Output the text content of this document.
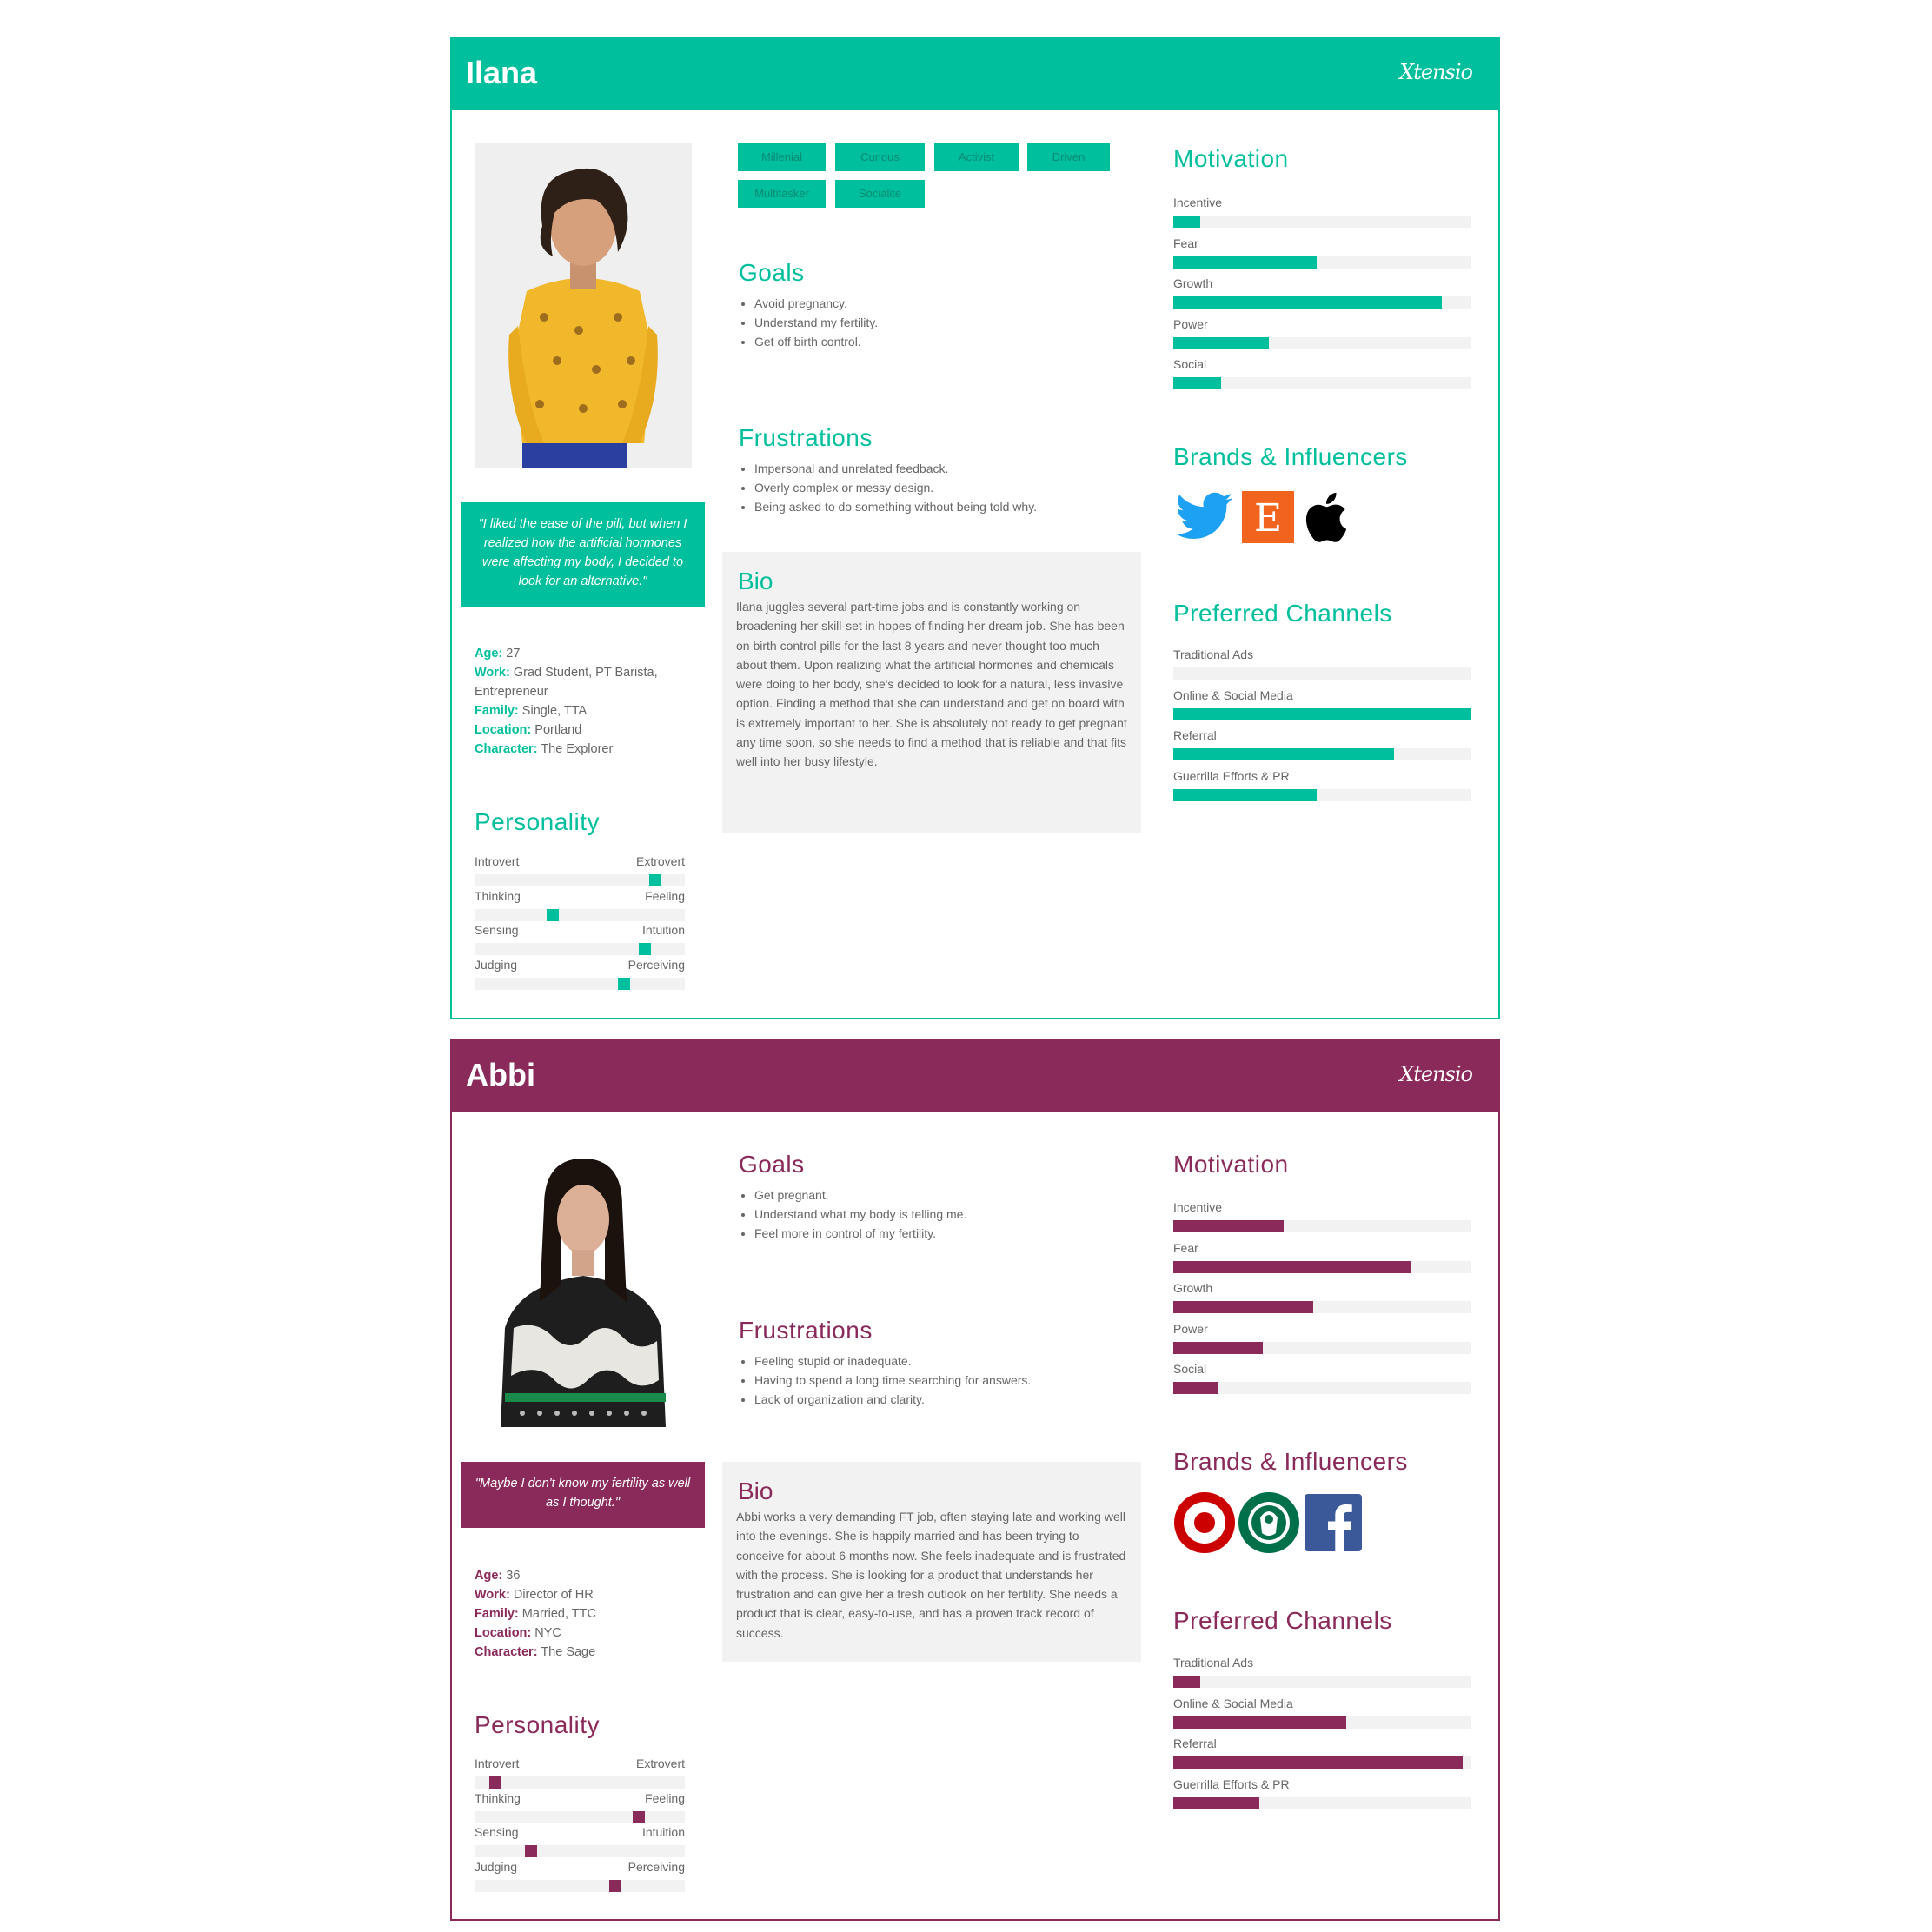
Ilana	Xtensio
"I liked the ease of the pill, but when I realized how the artificial hormones were affecting my body, I decided to look for an alternative."
Age: 27
Work: Grad Student, PT Barista, Entrepreneur
Family: Single, TTA
Location: Portland
Character: The Explorer
Personality
Introvert	Extrovert
Thinking	Feeling
Sensing	Intuition
Judging	Perceiving
Millenial	Curious	Activist	Driven
Multitasker	Socialite
Goals
• Avoid pregnancy.
• Understand my fertility.
• Get off birth control.
Frustrations
• Impersonal and unrelated feedback.
• Overly complex or messy design.
• Being asked to do something without being told why.
Bio
Ilana juggles several part-time jobs and is constantly working on broadening her skill-set in hopes of finding her dream job. She has been on birth control pills for the last 8 years and never thought too much about them. Upon realizing what the artificial hormones and chemicals were doing to her body, she's decided to look for a natural, less invasive option. Finding a method that she can understand and get on board with is extremely important to her. She is absolutely not ready to get pregnant any time soon, so she needs to find a method that is reliable and that fits well into her busy lifestyle.
Motivation
Incentive
Fear
Growth
Power
Social
Brands & Influencers
E
Preferred Channels
Traditional Ads
Online & Social Media
Referral
Guerrilla Efforts & PR
Abbi	Xtensio
"Maybe I don't know my fertility as well as I thought."
Age: 36
Work: Director of HR
Family: Married, TTC
Location: NYC
Character: The Sage
Personality
Introvert	Extrovert
Thinking	Feeling
Sensing	Intuition
Judging	Perceiving
Goals
• Get pregnant.
• Understand what my body is telling me.
• Feel more in control of my fertility.
Frustrations
• Feeling stupid or inadequate.
• Having to spend a long time searching for answers.
• Lack of organization and clarity.
Bio
Abbi works a very demanding FT job, often staying late and working well into the evenings. She is happily married and has been trying to conceive for about 6 months now. She feels inadequate and is frustrated with the process. She is looking for a product that understands her frustration and can give her a fresh outlook on her fertility. She needs a product that is clear, easy-to-use, and has a proven track record of success.
Motivation
Incentive
Fear
Growth
Power
Social
Brands & Influencers
Preferred Channels
Traditional Ads
Online & Social Media
Referral
Guerrilla Efforts & PR
